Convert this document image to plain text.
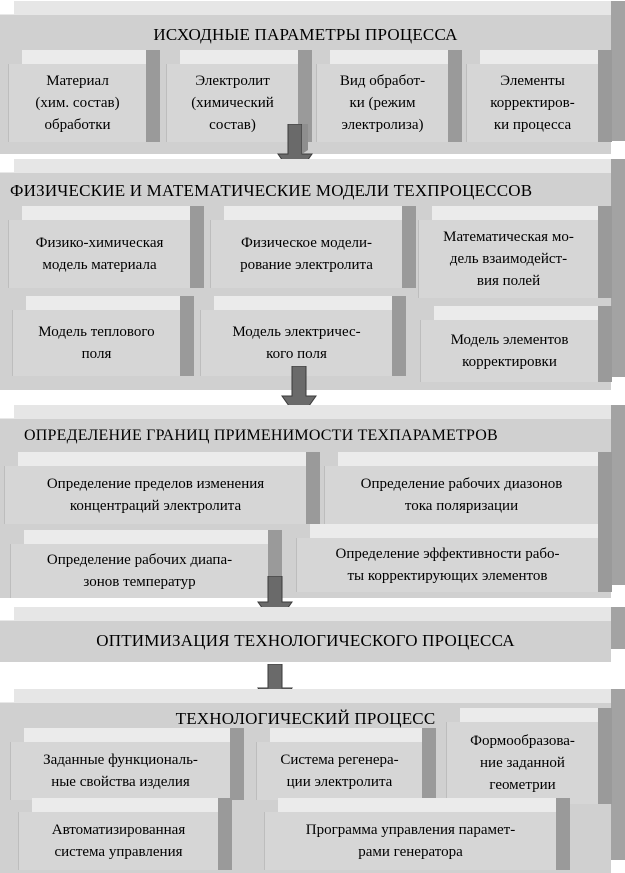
ИСХОДНЫЕ ПАРАМЕТРЫ ПРОЦЕССА
Материал
(хим. состав)
обработки
Электролит
(химический
состав)
Вид обработ-
ки (режим
электролиза)
Элементы
корректиров-
ки процесса
ФИЗИЧЕСКИЕ И МАТЕМАТИЧЕСКИЕ МОДЕЛИ ТЕХПРОЦЕССОВ
Физико-химическая
модель материала
Физическое модели-
рование электролита
Математическая мо-
дель взаимодейст-
вия полей
Модель теплового
поля
Модель электричес-
кого поля
Модель элементов
корректировки
ОПРЕДЕЛЕНИЕ ГРАНИЦ ПРИМЕНИМОСТИ ТЕХПАРАМЕТРОВ
Определение пределов изменения
концентраций электролита
Определение рабочих диазонов
тока поляризации
Определение рабочих диапа-
зонов температур
Определение эффективности рабо-
ты корректирующих элементов
ОПТИМИЗАЦИЯ ТЕХНОЛОГИЧЕСКОГО ПРОЦЕССА
ТЕХНОЛОГИЧЕСКИЙ ПРОЦЕСС
Заданные функциональ-
ные свойства изделия
Система регенера-
ции электролита
Формообразова-
ние заданной
геометрии
Автоматизированная
система управления
Программа управления парамет-
рами генератора
